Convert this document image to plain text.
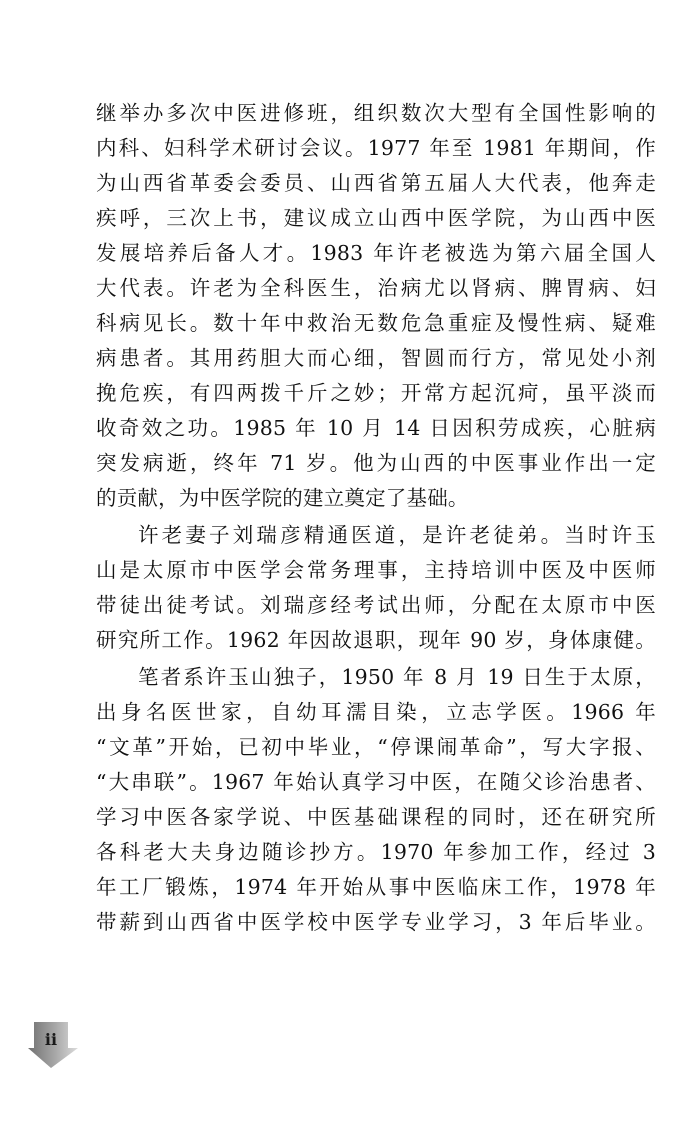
继举办多次中医进修班，组织数次大型有全国性影响的
内科、妇科学术研讨会议。1977 年至 1981 年期间，作
为山西省革委会委员、山西省第五届人大代表，他奔走
疾呼，三次上书，建议成立山西中医学院，为山西中医
发展培养后备人才。1983 年许老被选为第六届全国人
大代表。许老为全科医生，治病尤以肾病、脾胃病、妇
科病见长。数十年中救治无数危急重症及慢性病、疑难
病患者。其用药胆大而心细，智圆而行方，常见处小剂
挽危疾，有四两拨千斤之妙；开常方起沉疴，虽平淡而
收奇效之功。1985 年 10 月 14 日因积劳成疾，心脏病
突发病逝，终年 71 岁。他为山西的中医事业作出一定
的贡献，为中医学院的建立奠定了基础。
许老妻子刘瑞彦精通医道，是许老徒弟。当时许玉
山是太原市中医学会常务理事，主持培训中医及中医师
带徒出徒考试。刘瑞彦经考试出师，分配在太原市中医
研究所工作。1962 年因故退职，现年 90 岁，身体康健。
笔者系许玉山独子，1950 年 8 月 19 日生于太原，
出身名医世家，自幼耳濡目染，立志学医。1966 年
“文革”开始，已初中毕业，“停课闹革命”，写大字报、
“大串联”。1967 年始认真学习中医，在随父诊治患者、
学习中医各家学说、中医基础课程的同时，还在研究所
各科老大夫身边随诊抄方。1970 年参加工作，经过 3
年工厂锻炼，1974 年开始从事中医临床工作，1978 年
带薪到山西省中医学校中医学专业学习，3 年后毕业。
ii
